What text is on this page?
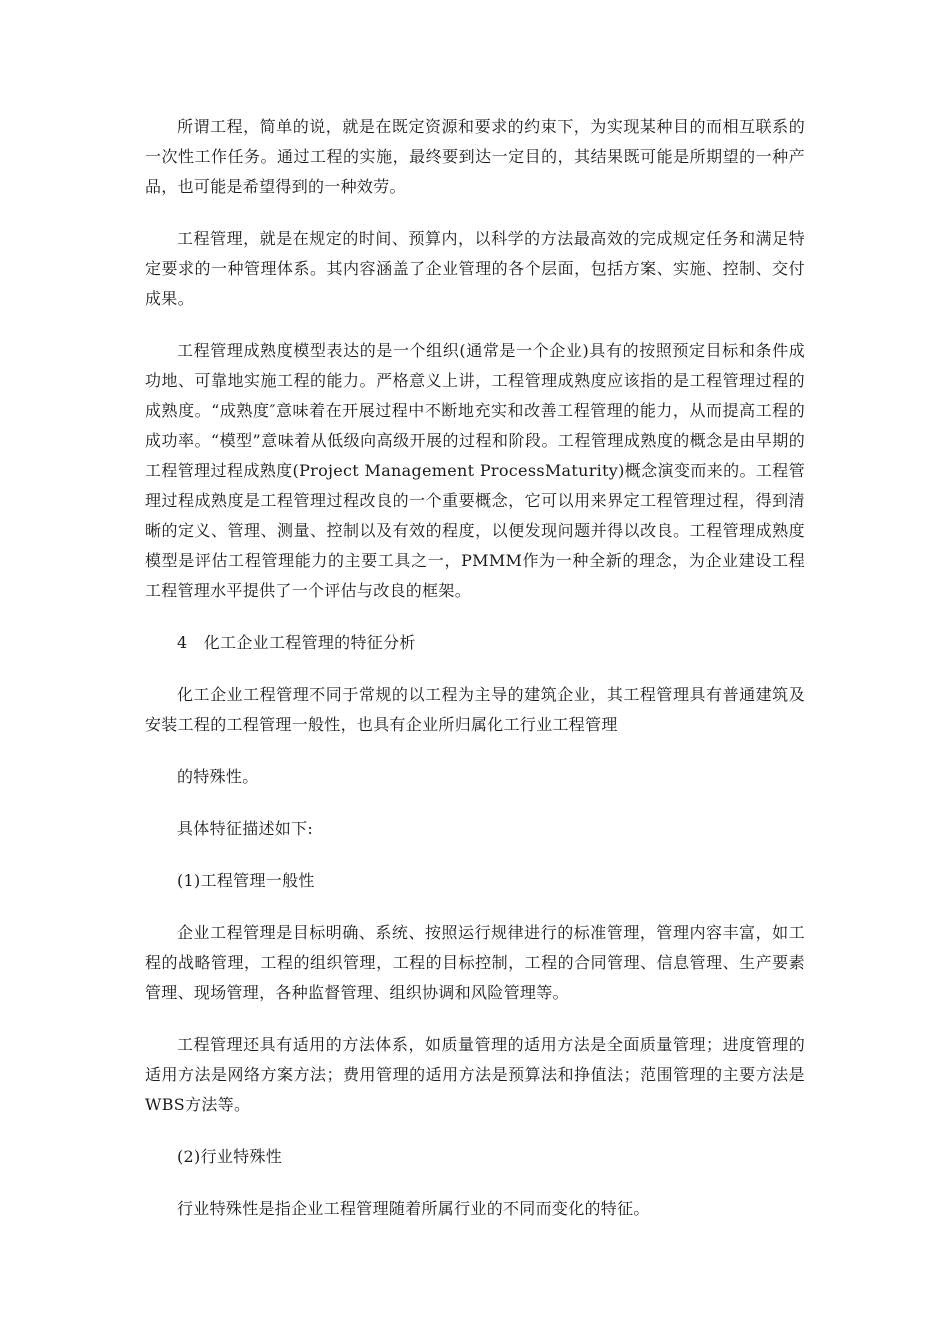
所谓工程，简单的说，就是在既定资源和要求的约束下，为实现某种目的而相互联系的一次性工作任务。通过工程的实施，最终要到达一定目的，其结果既可能是所期望的一种产品，也可能是希望得到的一种效劳。

工程管理，就是在规定的时间、预算内，以科学的方法最高效的完成规定任务和满足特定要求的一种管理体系。其内容涵盖了企业管理的各个层面，包括方案、实施、控制、交付成果。

工程管理成熟度模型表达的是一个组织(通常是一个企业)具有的按照预定目标和条件成功地、可靠地实施工程的能力。严格意义上讲，工程管理成熟度应该指的是工程管理过程的成熟度。“成熟度″意味着在开展过程中不断地充实和改善工程管理的能力，从而提高工程的成功率。“模型”意味着从低级向高级开展的过程和阶段。工程管理成熟度的概念是由早期的工程管理过程成熟度(Project Management ProcessMaturity)概念演变而来的。工程管理过程成熟度是工程管理过程改良的一个重要概念，它可以用来界定工程管理过程，得到清晰的定义、管理、测量、控制以及有效的程度，以便发现问题并得以改良。工程管理成熟度模型是评估工程管理能力的主要工具之一，PMMM作为一种全新的理念，为企业建设工程工程管理水平提供了一个评估与改良的框架。

4　化工企业工程管理的特征分析

化工企业工程管理不同于常规的以工程为主导的建筑企业，其工程管理具有普通建筑及安装工程的工程管理一般性，也具有企业所归属化工行业工程管理

的特殊性。

具体特征描述如下:

(1)工程管理一般性

企业工程管理是目标明确、系统、按照运行规律进行的标准管理，管理内容丰富，如工程的战略管理，工程的组织管理，工程的目标控制，工程的合同管理、信息管理、生产要素管理、现场管理，各种监督管理、组织协调和风险管理等。

工程管理还具有适用的方法体系，如质量管理的适用方法是全面质量管理；进度管理的适用方法是网络方案方法；费用管理的适用方法是预算法和挣值法；范围管理的主要方法是WBS方法等。

(2)行业特殊性

行业特殊性是指企业工程管理随着所属行业的不同而变化的特征。
